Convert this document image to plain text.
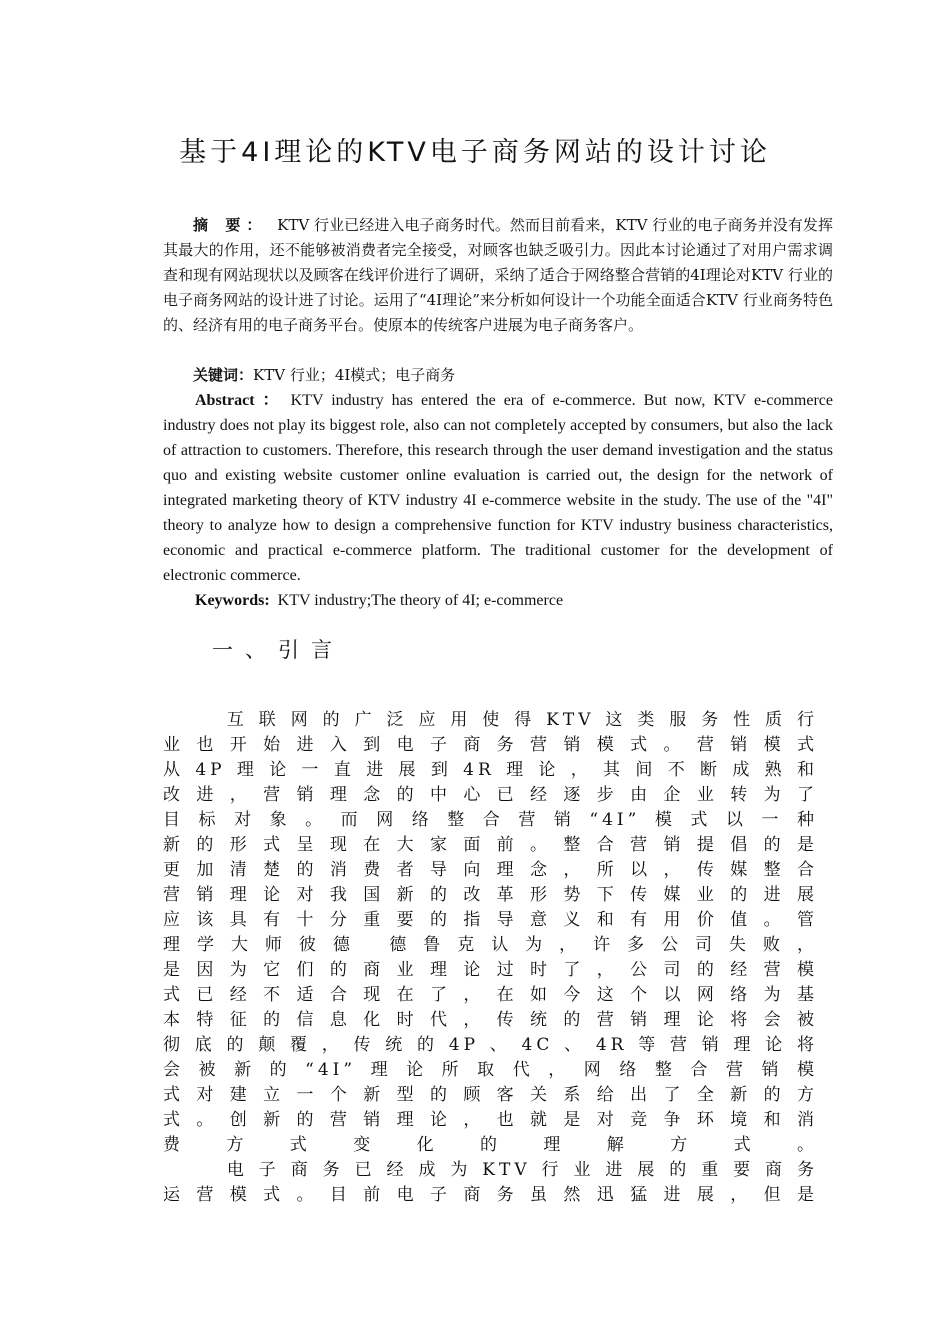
基于4I理论的KTV电子商务网站的设计讨论

摘 要： KTV 行业已经进入电子商务时代。然而目前看来，KTV 行业的电子商务并没有发挥其最大的作用，还不能够被消费者完全接受，对顾客也缺乏吸引力。因此本讨论通过了对用户需求调查和现有网站现状以及顾客在线评价进行了调研，采纳了适合于网络整合营销的4I理论对KTV 行业的电子商务网站的设计进了讨论。运用了“4I理论”来分析如何设计一个功能全面适合KTV 行业商务特色的、经济有用的电子商务平台。使原本的传统客户进展为电子商务客户。

关键词：KTV 行业；4I模式；电子商务

Abstract ： KTV industry has entered the era of e-commerce. But now, KTV e-commerce industry does not play its biggest role, also can not completely accepted by consumers, but also the lack of attraction to customers. Therefore, this research through the user demand investigation and the status quo and existing website customer online evaluation is carried out, the design for the network of integrated marketing theory of KTV industry 4I e-commerce website in the study. The use of the "4I" theory to analyze how to design a comprehensive function for KTV industry business characteristics, economic and practical e-commerce platform. The traditional customer for the development of electronic commerce.

Keywords: KTV industry;The theory of 4I; e-commerce

一、引言
　　互联网的广泛应用使得KTV这类服务性质行
业也开始进入到电子商务营销模式。营销模式
从4P理论一直进展到4R理论，其间不断成熟和
改进，营销理念的中心已经逐步由企业转为了
目标对象。而网络整合营销“4I”模式以一种
新的形式呈现在大家面前。整合营销提倡的是
更加清楚的消费者导向理念，所以，传媒整合
营销理论对我国新的改革形势下传媒业的进展
应该具有十分重要的指导意义和有用价值。管
理学大师彼德 德鲁克认为，许多公司失败，
是因为它们的商业理论过时了，公司的经营模
式已经不适合现在了，在如今这个以网络为基
本特征的信息化时代，传统的营销理论将会被
彻底的颠覆，传统的4P、4C、4R等营销理论将
会被新的“4I”理论所取代，网络整合营销模
式对建立一个新型的顾客关系给出了全新的方
式。创新的营销理论，也就是对竞争环境和消
费方式变化的理解方式。
　　电子商务已经成为KTV行业进展的重要商务
运营模式。目前电子商务虽然迅猛进展，但是
